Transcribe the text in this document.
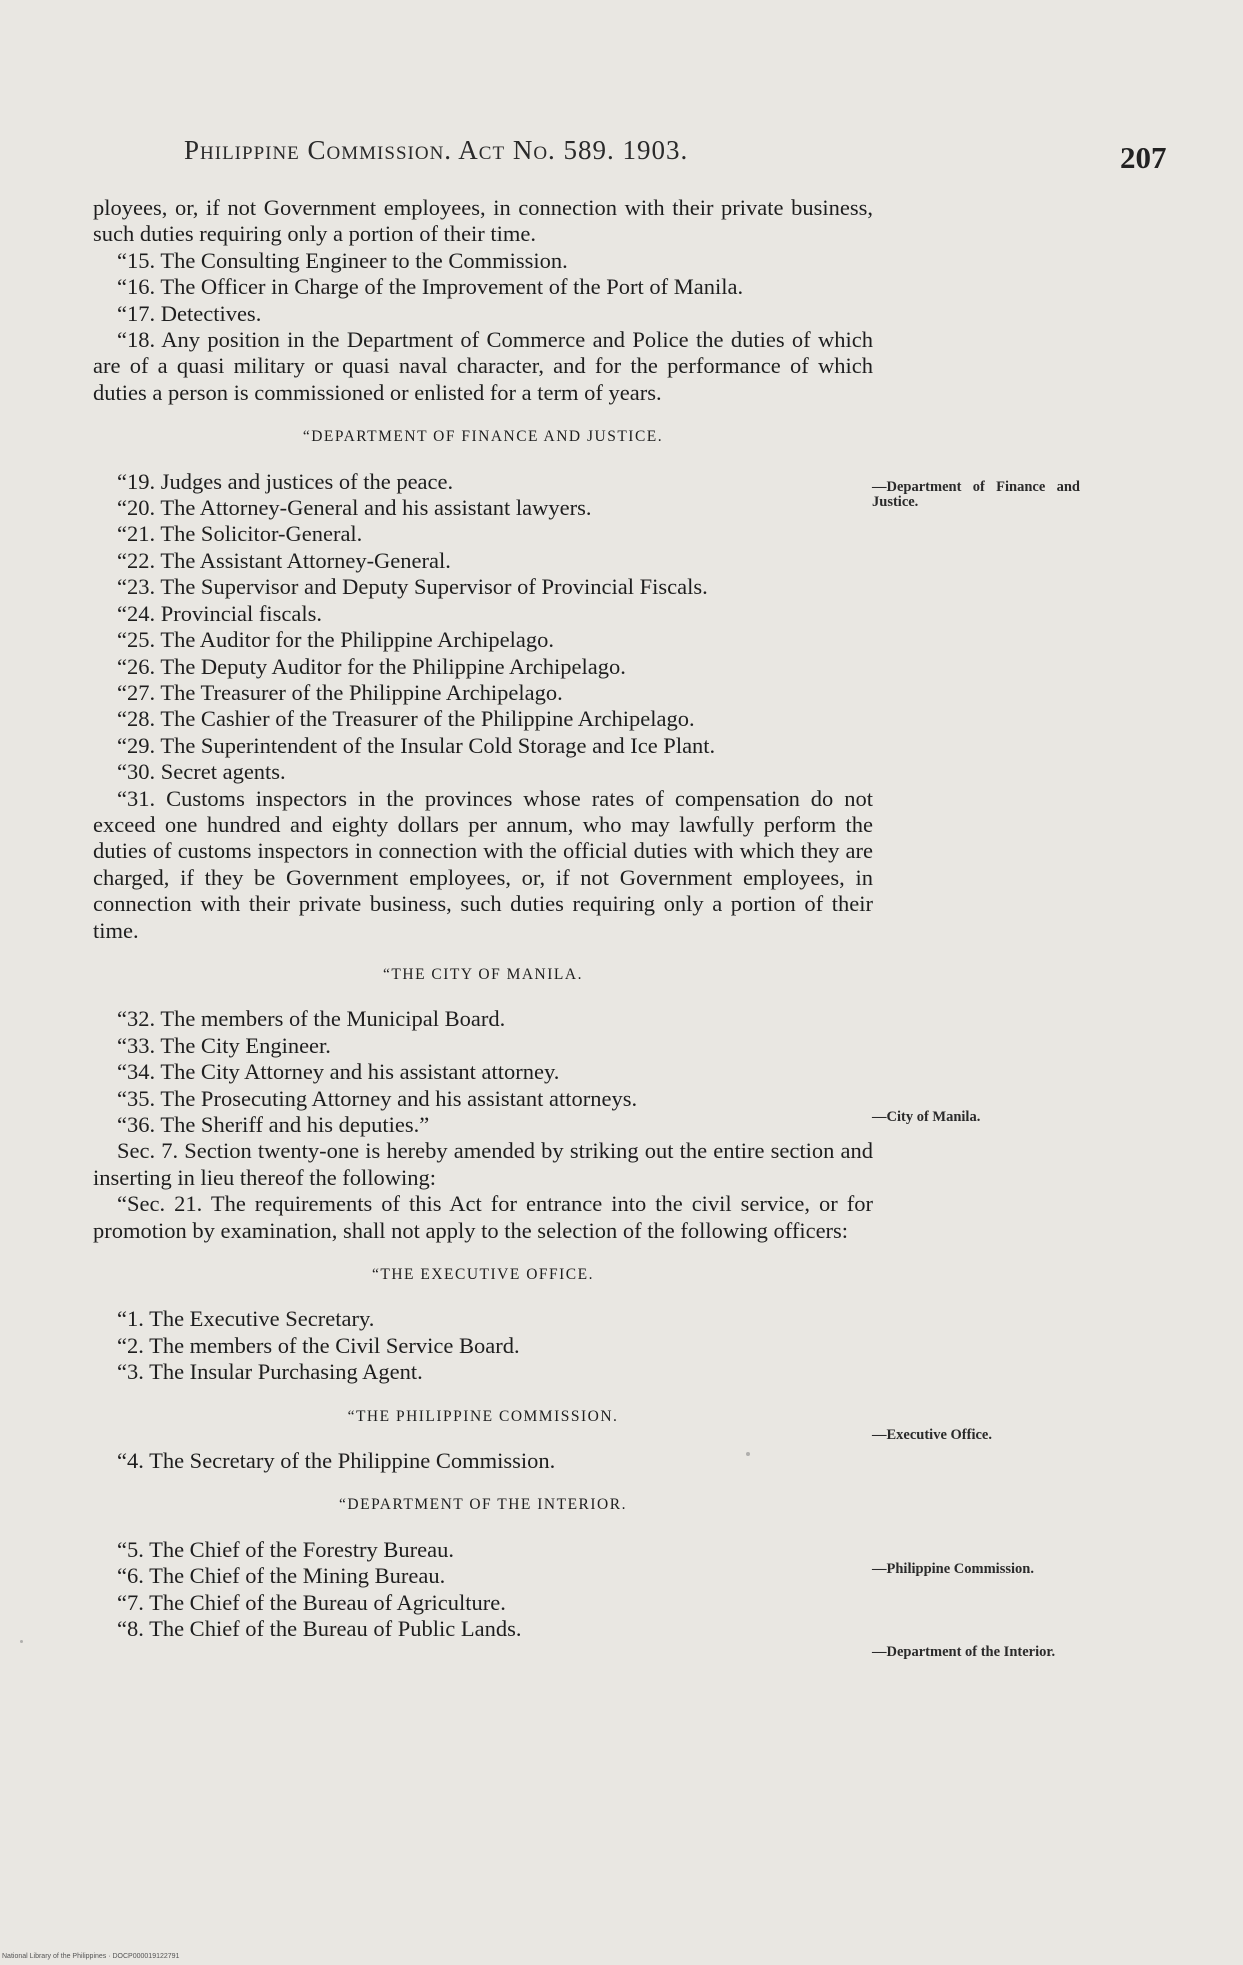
Philippine Commission. Act No. 589. 1903.	207

ployees, or, if not Government employees, in connection with their private business, such duties requiring only a portion of their time.

“15. The Consulting Engineer to the Commission.

“16. The Officer in Charge of the Improvement of the Port of Manila.

“17. Detectives.

“18. Any position in the Department of Commerce and Police the duties of which are of a quasi military or quasi naval character, and for the performance of which duties a person is commissioned or enlisted for a term of years.

“DEPARTMENT OF FINANCE AND JUSTICE.

“19. Judges and justices of the peace.

“20. The Attorney-General and his assistant lawyers.

“21. The Solicitor-General.

“22. The Assistant Attorney-General.

“23. The Supervisor and Deputy Supervisor of Provincial Fiscals.

“24. Provincial fiscals.

“25. The Auditor for the Philippine Archipelago.

“26. The Deputy Auditor for the Philippine Archipelago.

“27. The Treasurer of the Philippine Archipelago.

“28. The Cashier of the Treasurer of the Philippine Archipelago.

“29. The Superintendent of the Insular Cold Storage and Ice Plant.

“30. Secret agents.

“31. Customs inspectors in the provinces whose rates of compensation do not exceed one hundred and eighty dollars per annum, who may lawfully perform the duties of customs inspectors in connection with the official duties with which they are charged, if they be Government employees, or, if not Government employees, in connection with their private business, such duties requiring only a portion of their time.

“THE CITY OF MANILA.

“32. The members of the Municipal Board.

“33. The City Engineer.

“34. The City Attorney and his assistant attorney.

“35. The Prosecuting Attorney and his assistant attorneys.

“36. The Sheriff and his deputies.”

Sec. 7. Section twenty-one is hereby amended by striking out the entire section and inserting in lieu thereof the following:

“Sec. 21. The requirements of this Act for entrance into the civil service, or for promotion by examination, shall not apply to the selection of the following officers:

“THE EXECUTIVE OFFICE.

“1. The Executive Secretary.

“2. The members of the Civil Service Board.

“3. The Insular Purchasing Agent.

“THE PHILIPPINE COMMISSION.

“4. The Secretary of the Philippine Commission.

“DEPARTMENT OF THE INTERIOR.

“5. The Chief of the Forestry Bureau.

“6. The Chief of the Mining Bureau.

“7. The Chief of the Bureau of Agriculture.

“8. The Chief of the Bureau of Public Lands.

—Department of Finance and Justice.
—City of Manila.
—Executive Office.
—Philippine Commission.
—Department of the Interior.
National Library of the Philippines · DOCP000019122791
